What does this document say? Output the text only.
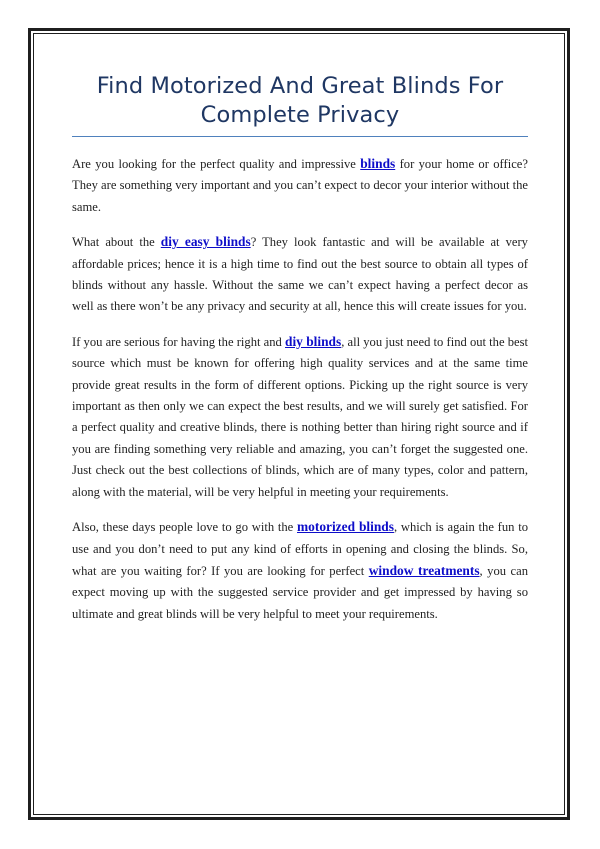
Find Motorized And Great Blinds For Complete Privacy

Are you looking for the perfect quality and impressive blinds for your home or office? They are something very important and you can’t expect to decor your interior without the same.

What about the diy easy blinds? They look fantastic and will be available at very affordable prices; hence it is a high time to find out the best source to obtain all types of blinds without any hassle. Without the same we can’t expect having a perfect decor as well as there won’t be any privacy and security at all, hence this will create issues for you.

If you are serious for having the right and diy blinds, all you just need to find out the best source which must be known for offering high quality services and at the same time provide great results in the form of different options. Picking up the right source is very important as then only we can expect the best results, and we will surely get satisfied. For a perfect quality and creative blinds, there is nothing better than hiring right source and if you are finding something very reliable and amazing, you can’t forget the suggested one. Just check out the best collections of blinds, which are of many types, color and pattern, along with the material, will be very helpful in meeting your requirements.

Also, these days people love to go with the motorized blinds, which is again the fun to use and you don’t need to put any kind of efforts in opening and closing the blinds. So, what are you waiting for? If you are looking for perfect window treatments, you can expect moving up with the suggested service provider and get impressed by having so ultimate and great blinds will be very helpful to meet your requirements.
